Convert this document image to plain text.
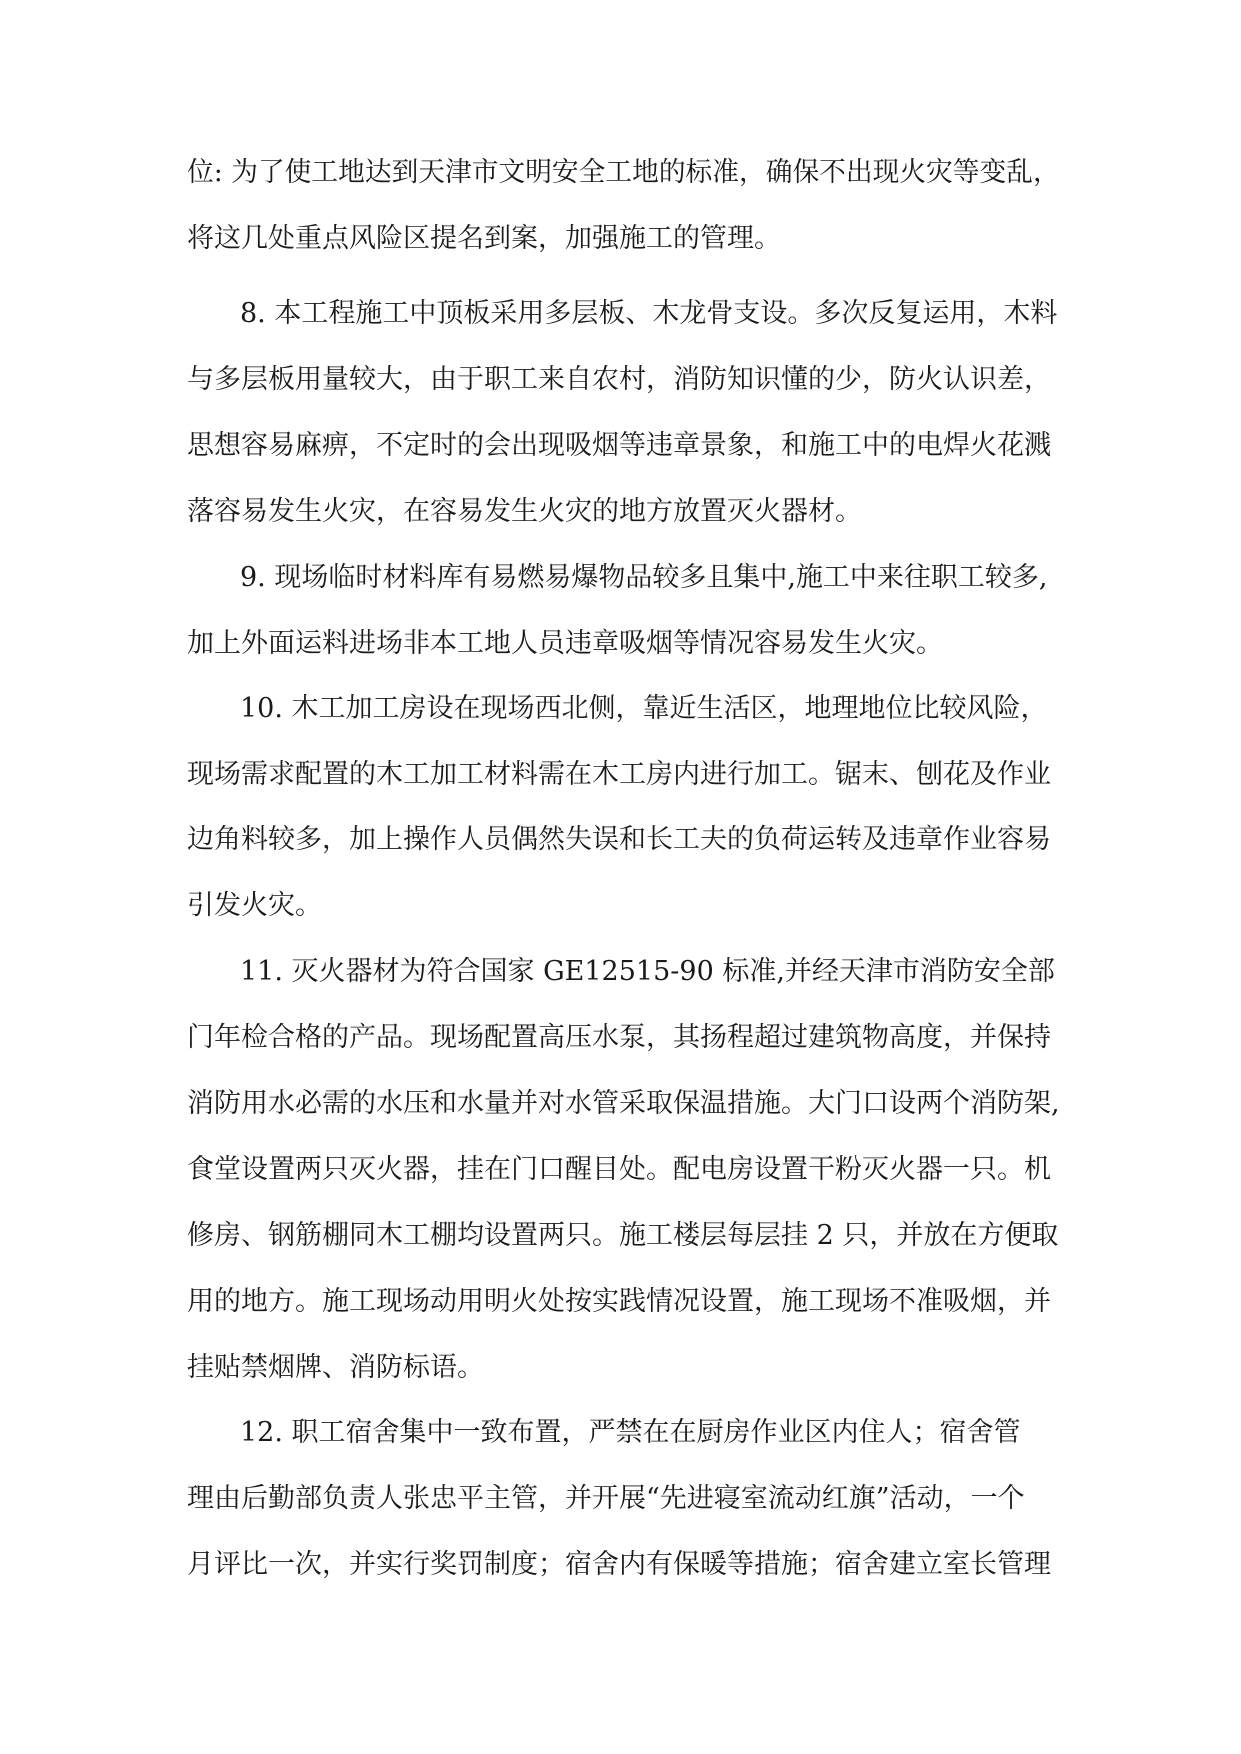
位: 为了使工地达到天津市文明安全工地的标准，确保不出现火灾等变乱，
将这几处重点风险区提名到案，加强施工的管理。
8. 本工程施工中顶板采用多层板、木龙骨支设。多次反复运用，木料
与多层板用量较大，由于职工来自农村，消防知识懂的少，防火认识差，
思想容易麻痹，不定时的会出现吸烟等违章景象，和施工中的电焊火花溅
落容易发生火灾，在容易发生火灾的地方放置灭火器材。
9. 现场临时材料库有易燃易爆物品较多且集中,施工中来往职工较多,
加上外面运料进场非本工地人员违章吸烟等情况容易发生火灾。
10. 木工加工房设在现场西北侧，靠近生活区，地理地位比较风险，
现场需求配置的木工加工材料需在木工房内进行加工。锯末、刨花及作业
边角料较多，加上操作人员偶然失误和长工夫的负荷运转及违章作业容易
引发火灾。
11. 灭火器材为符合国家 GE12515-90 标准,并经天津市消防安全部
门年检合格的产品。现场配置高压水泵，其扬程超过建筑物高度，并保持
消防用水必需的水压和水量并对水管采取保温措施。大门口设两个消防架,
食堂设置两只灭火器，挂在门口醒目处。配电房设置干粉灭火器一只。机
修房、钢筋棚同木工棚均设置两只。施工楼层每层挂 2 只，并放在方便取
用的地方。施工现场动用明火处按实践情况设置，施工现场不准吸烟，并
挂贴禁烟牌、消防标语。
12. 职工宿舍集中一致布置，严禁在在厨房作业区内住人；宿舍管
理由后勤部负责人张忠平主管，并开展“先进寝室流动红旗”活动，一个
月评比一次，并实行奖罚制度；宿舍内有保暖等措施；宿舍建立室长管理
